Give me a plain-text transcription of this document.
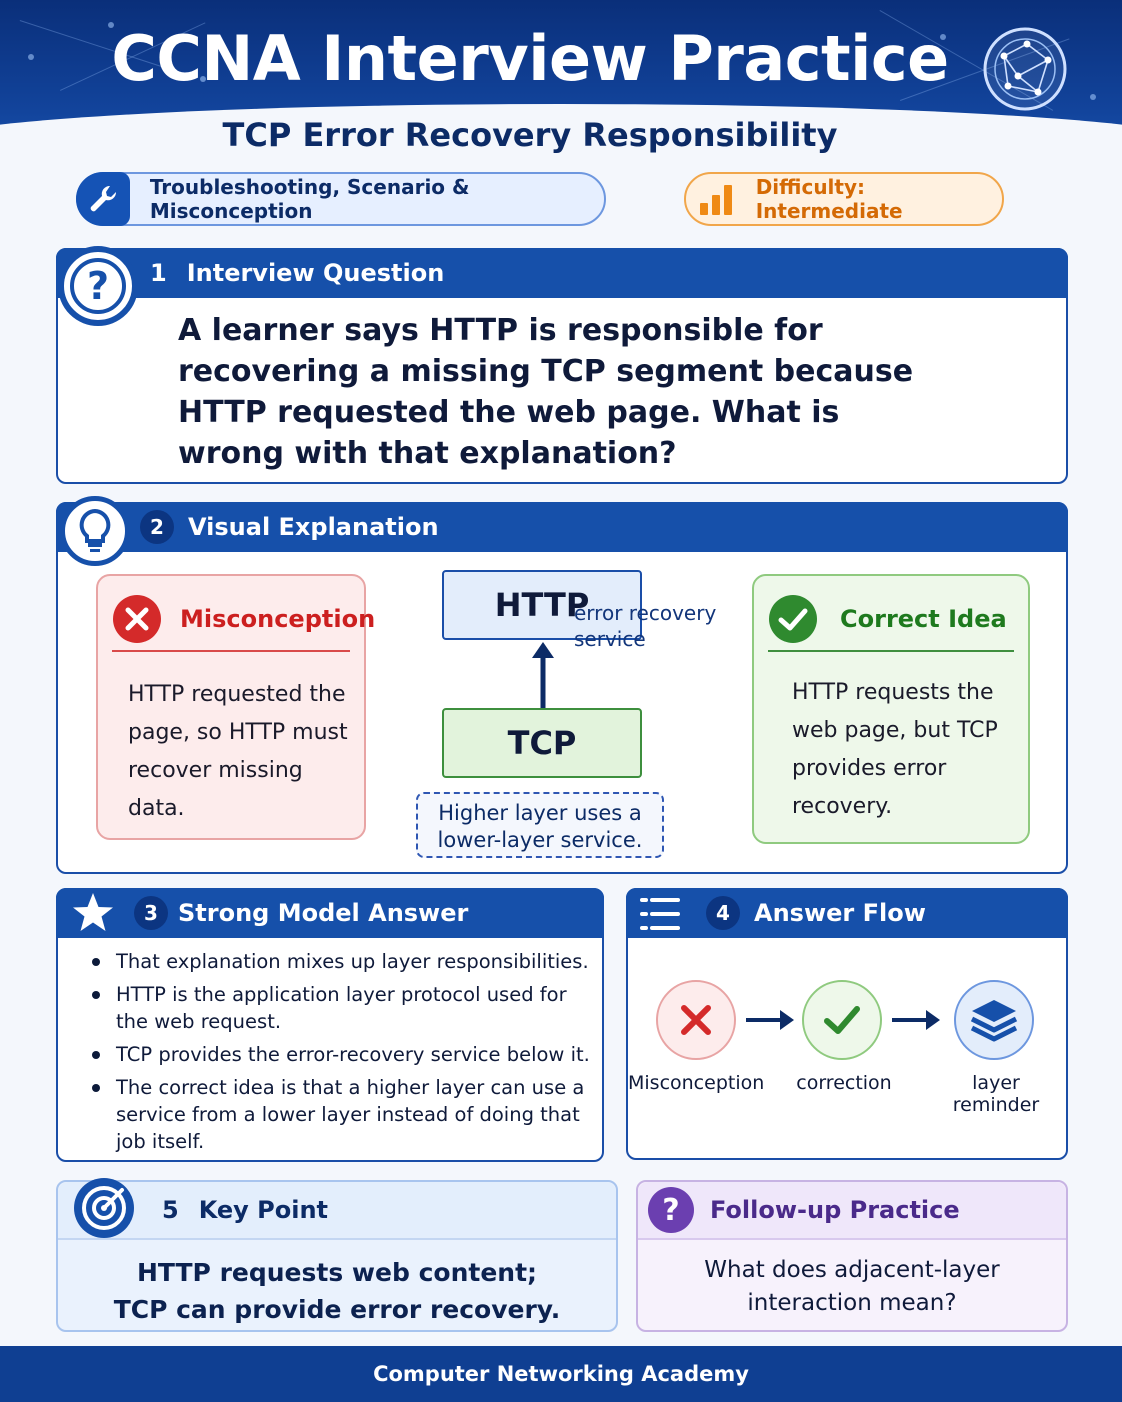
CCNA Interview Practice
TCP Error Recovery Responsibility
Troubleshooting, Scenario & Misconception
Difficulty: Intermediate
1 Interview Question
A learner says HTTP is responsible for recovering a missing TCP segment because HTTP requested the web page. What is wrong with that explanation?
?
2	Visual Explanation
Misconception
HTTP requested the page, so HTTP must recover missing data.
HTTP
error recovery service
TCP
Higher layer uses a lower-layer service.
Correct Idea
HTTP requests the web page, but TCP provides error recovery.
3 Strong Model Answer
That explanation mixes up layer responsibilities.
HTTP is the application layer protocol used for the web request.
TCP provides the error-recovery service below it.
The correct idea is that a higher layer can use a service from a lower layer instead of doing that job itself.
4	Answer Flow
Misconception	correction	layer reminder
5 Key Point
HTTP requests web content;
TCP can provide error recovery.
?	Follow-up Practice
What does adjacent-layer
interaction mean?
Computer Networking Academy
